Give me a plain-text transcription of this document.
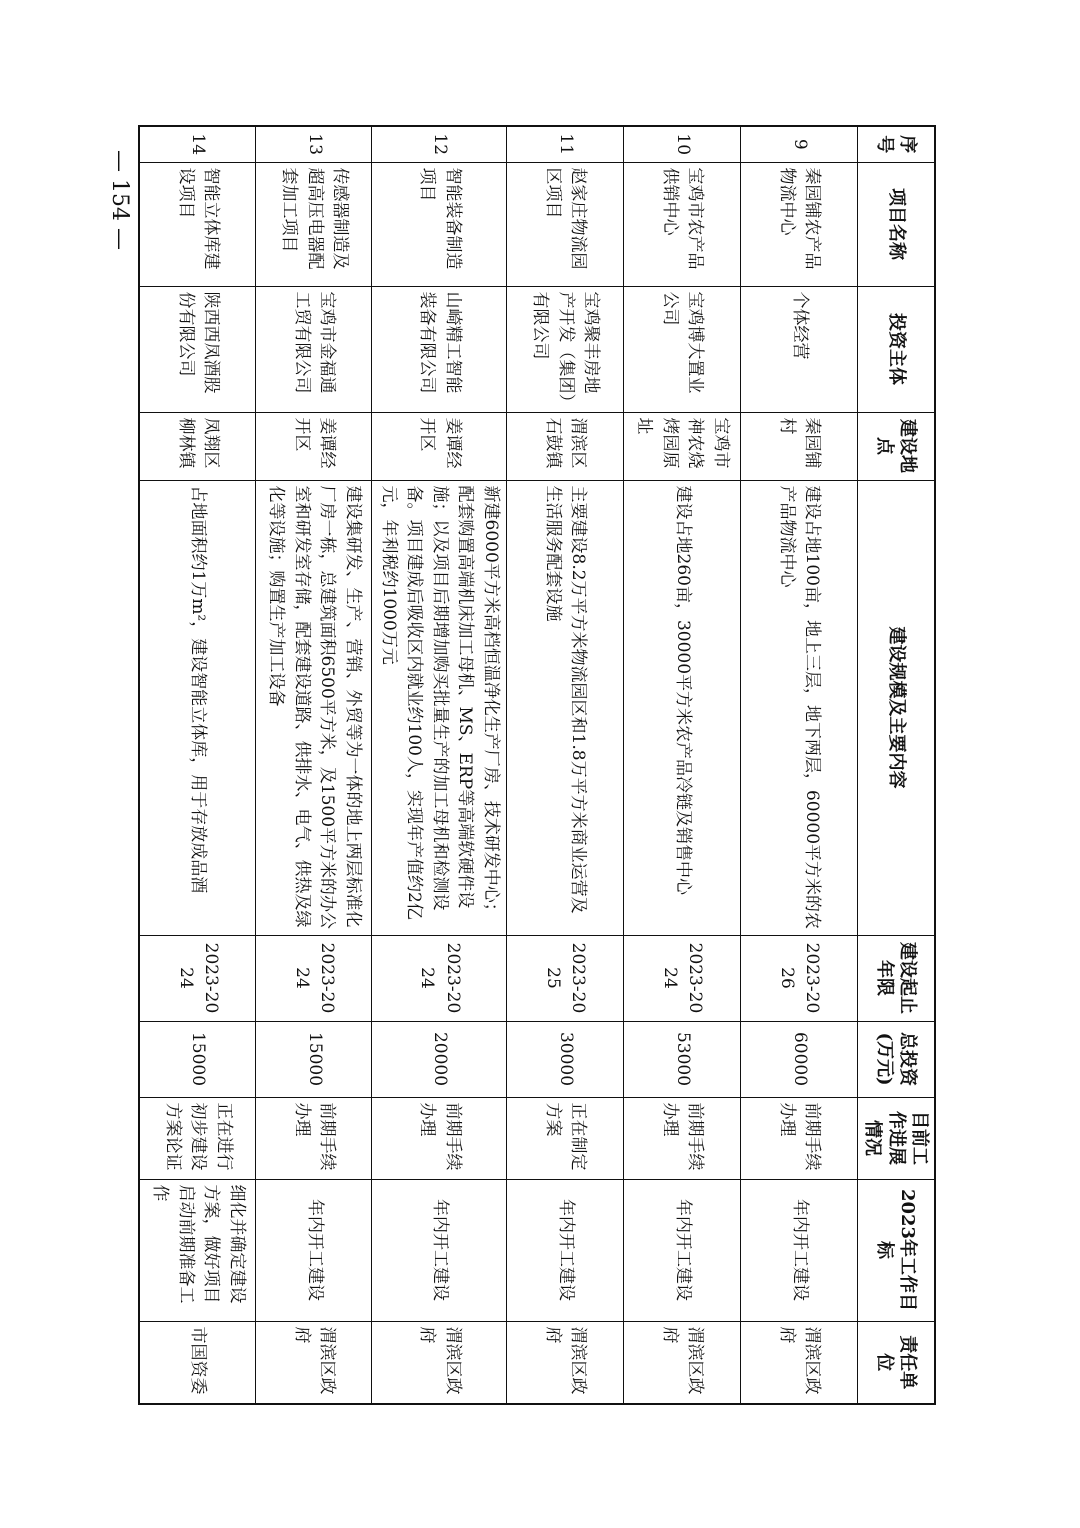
— 154 —
序号	项目名称	投资主体	建设地点	建设规模及主要内容	建设起止年限	总投资(万元)	目前工作进展情况	2023年工作目标	责任单位
9	秦园铺农产品物流中心	个体经营	秦园铺村	建设占地100亩，地上三层，地下两层，60000平方米的农产品物流中心	2023-2026	60000	前期手续办理	年内开工建设	渭滨区政府
10	宝鸡市农产品供销中心	宝鸡博大置业公司	宝鸡市神农烧烤园原址	建设占地260亩，30000平方米农产品冷链及销售中心	2023-2024	53000	前期手续办理	年内开工建设	渭滨区政府
11	赵家庄物流园区项目	宝鸡聚丰房地产开发（集团）有限公司	渭滨区石鼓镇	主要建设8.2万平方米物流园区和1.8万平方米商业运营及生活服务配套设施	2023-2025	30000	正在制定方案	年内开工建设	渭滨区政府
12	智能装备制造项目	山崎精工智能装备有限公司	姜谭经开区	新建6000平方米高档恒温净化生产厂房、技术研发中心；配套购置高端机床加工母机、MS、ERP等高端软硬件设施；以及项目后期增加购买批量生产的加工母机和检测设备。项目建成后吸收区内就业约100人，实现年产值约2亿元，年利税约1000万元	2023-2024	20000	前期手续办理	年内开工建设	渭滨区政府
13	传感器制造及超高压电器配套加工项目	宝鸡市金福通工贸有限公司	姜谭经开区	建设集研发、生产、营销、外贸等为一体的地上两层标准化厂房一栋，总建筑面积6500平方米，及1500平方米的办公室和研发室存储，配套建设道路、供排水、电气、供热及绿化等设施；购置生产加工设备	2023-2024	15000	前期手续办理	年内开工建设	渭滨区政府
14	智能立体库建设项目	陕西西凤酒股份有限公司	凤翔区柳林镇	占地面积约1万m²，建设智能立体库，用于存放成品酒	2023-2024	15000	正在进行初步建设方案论证	细化并确定建设方案，做好项目启动前期准备工作	市国资委
